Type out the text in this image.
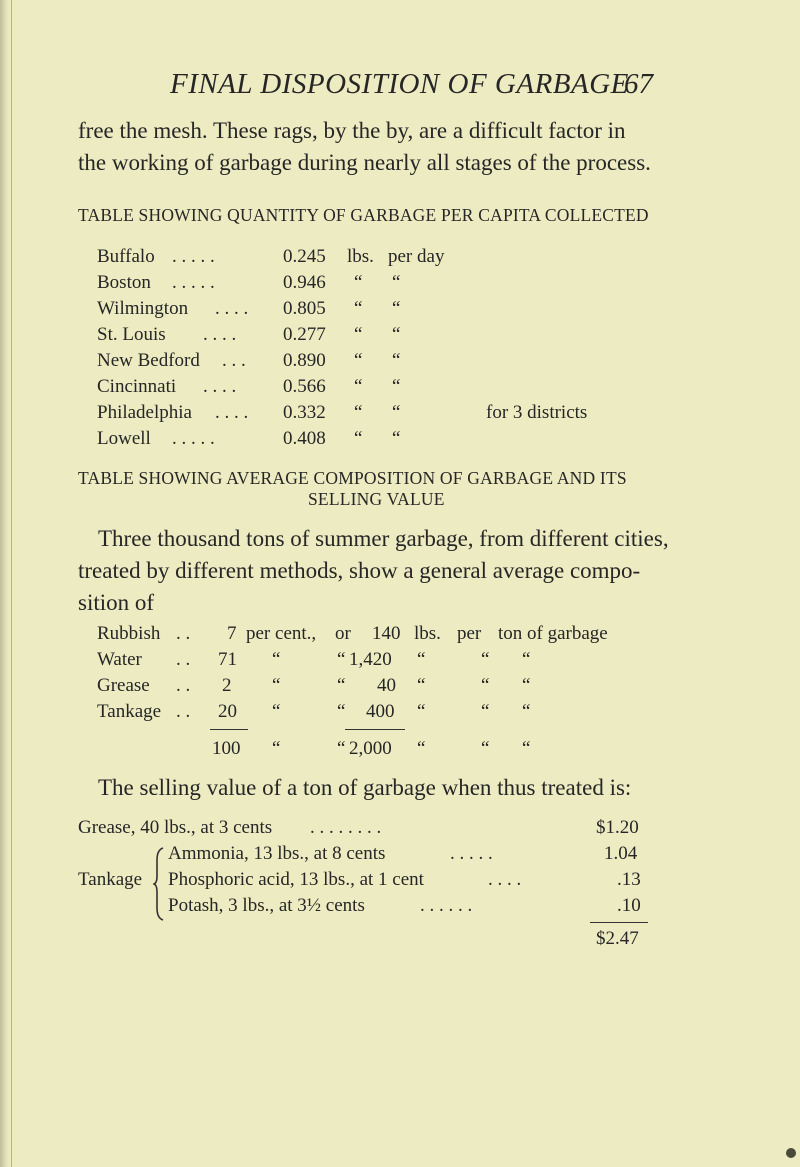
FINAL DISPOSITION OF GARBAGE
67
free the mesh. These rags, by the by, are a difficult factor in
the working of garbage during nearly all stages of the process.
TABLE SHOWING QUANTITY OF GARBAGE PER CAPITA COLLECTED
Buffalo . . . . .	0.245 lbs. per day
Boston . . . . .	0.946 “ “
Wilmington . . . . 0.805 “ “
St. Louis . . . . 0.277 “ “
New Bedford . . . 0.890 “ “
Cincinnati . . . . 0.566 “ “
Philadelphia . . . . 0.332 “ “	for 3 districts
Lowell . . . . .	0.408 “ “
TABLE SHOWING AVERAGE COMPOSITION OF GARBAGE AND ITS
SELLING VALUE
Three thousand tons of summer garbage, from different cities,
treated by different methods, show a general average compo-
sition of
Rubbish . . 7 per cent., or 140 lbs. per ton of garbage
Water . . 71 “	“ 1,420 “	“ “
Grease . . 2 “	“ 40 “	“ “
Tankage . . 20 “	“ 400 “	“ “
100 “	“ 2,000 “	“ “
The selling value of a ton of garbage when thus treated is:
Grease, 40 lbs., at 3 cents . . . . . . . .	$1.20
Tankage
Ammonia, 13 lbs., at 8 cents	. . . . .	1.04
Phosphoric acid, 13 lbs., at 1 cent	. . . .	.13
Potash, 3 lbs., at 3½ cents	. . . . . .	.10
$2.47
